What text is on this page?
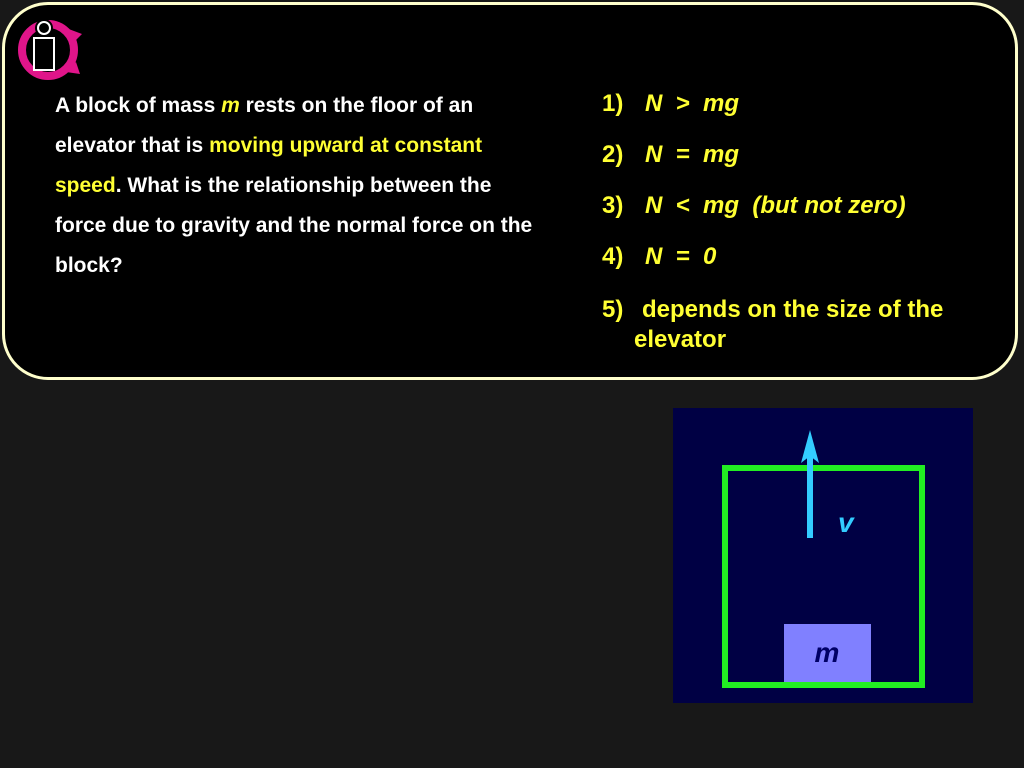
A block of mass m rests on the floor of an elevator that is moving upward at constant speed. What is the relationship between the force due to gravity and the normal force on the block?
1) N  >  mg
2) N  =  mg
3) N  <  mg  (but not zero)
4) N  =  0
5) depends on the size of the
elevator
v
m
